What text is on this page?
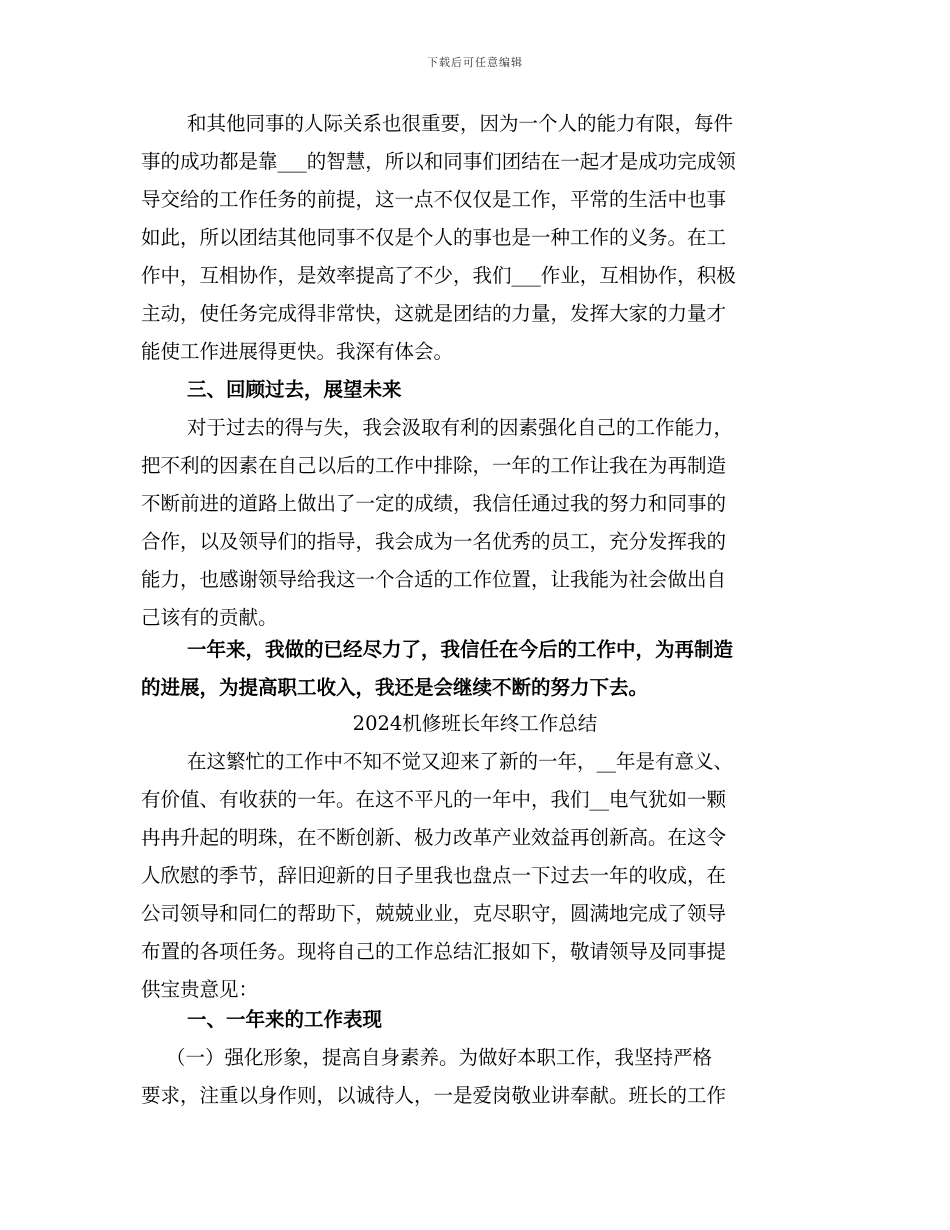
下载后可任意编辑
和其他同事的人际关系也很重要，因为一个人的能力有限，每件
事的成功都是靠___的智慧，所以和同事们团结在一起才是成功完成领
导交给的工作任务的前提，这一点不仅仅是工作，平常的生活中也事
如此，所以团结其他同事不仅是个人的事也是一种工作的义务。在工
作中，互相协作，是效率提高了不少，我们___作业，互相协作，积极
主动，使任务完成得非常快，这就是团结的力量，发挥大家的力量才
能使工作进展得更快。我深有体会。
三、回顾过去，展望未来
对于过去的得与失，我会汲取有利的因素强化自己的工作能力，
把不利的因素在自己以后的工作中排除，一年的工作让我在为再制造
不断前进的道路上做出了一定的成绩，我信任通过我的努力和同事的
合作，以及领导们的指导，我会成为一名优秀的员工，充分发挥我的
能力，也感谢领导给我这一个合适的工作位置，让我能为社会做出自
己该有的贡献。
一年来，我做的已经尽力了，我信任在今后的工作中，为再制造
的进展，为提高职工收入，我还是会继续不断的努力下去。
2024机修班长年终工作总结
在这繁忙的工作中不知不觉又迎来了新的一年，__年是有意义、
有价值、有收获的一年。在这不平凡的一年中，我们__电气犹如一颗
冉冉升起的明珠，在不断创新、极力改革产业效益再创新高。在这令
人欣慰的季节，辞旧迎新的日子里我也盘点一下过去一年的收成，在
公司领导和同仁的帮助下，兢兢业业，克尽职守，圆满地完成了领导
布置的各项任务。现将自己的工作总结汇报如下，敬请领导及同事提
供宝贵意见：
一、一年来的工作表现
（一）强化形象，提高自身素养。为做好本职工作，我坚持严格
要求，注重以身作则，以诚待人，一是爱岗敬业讲奉献。班长的工作
